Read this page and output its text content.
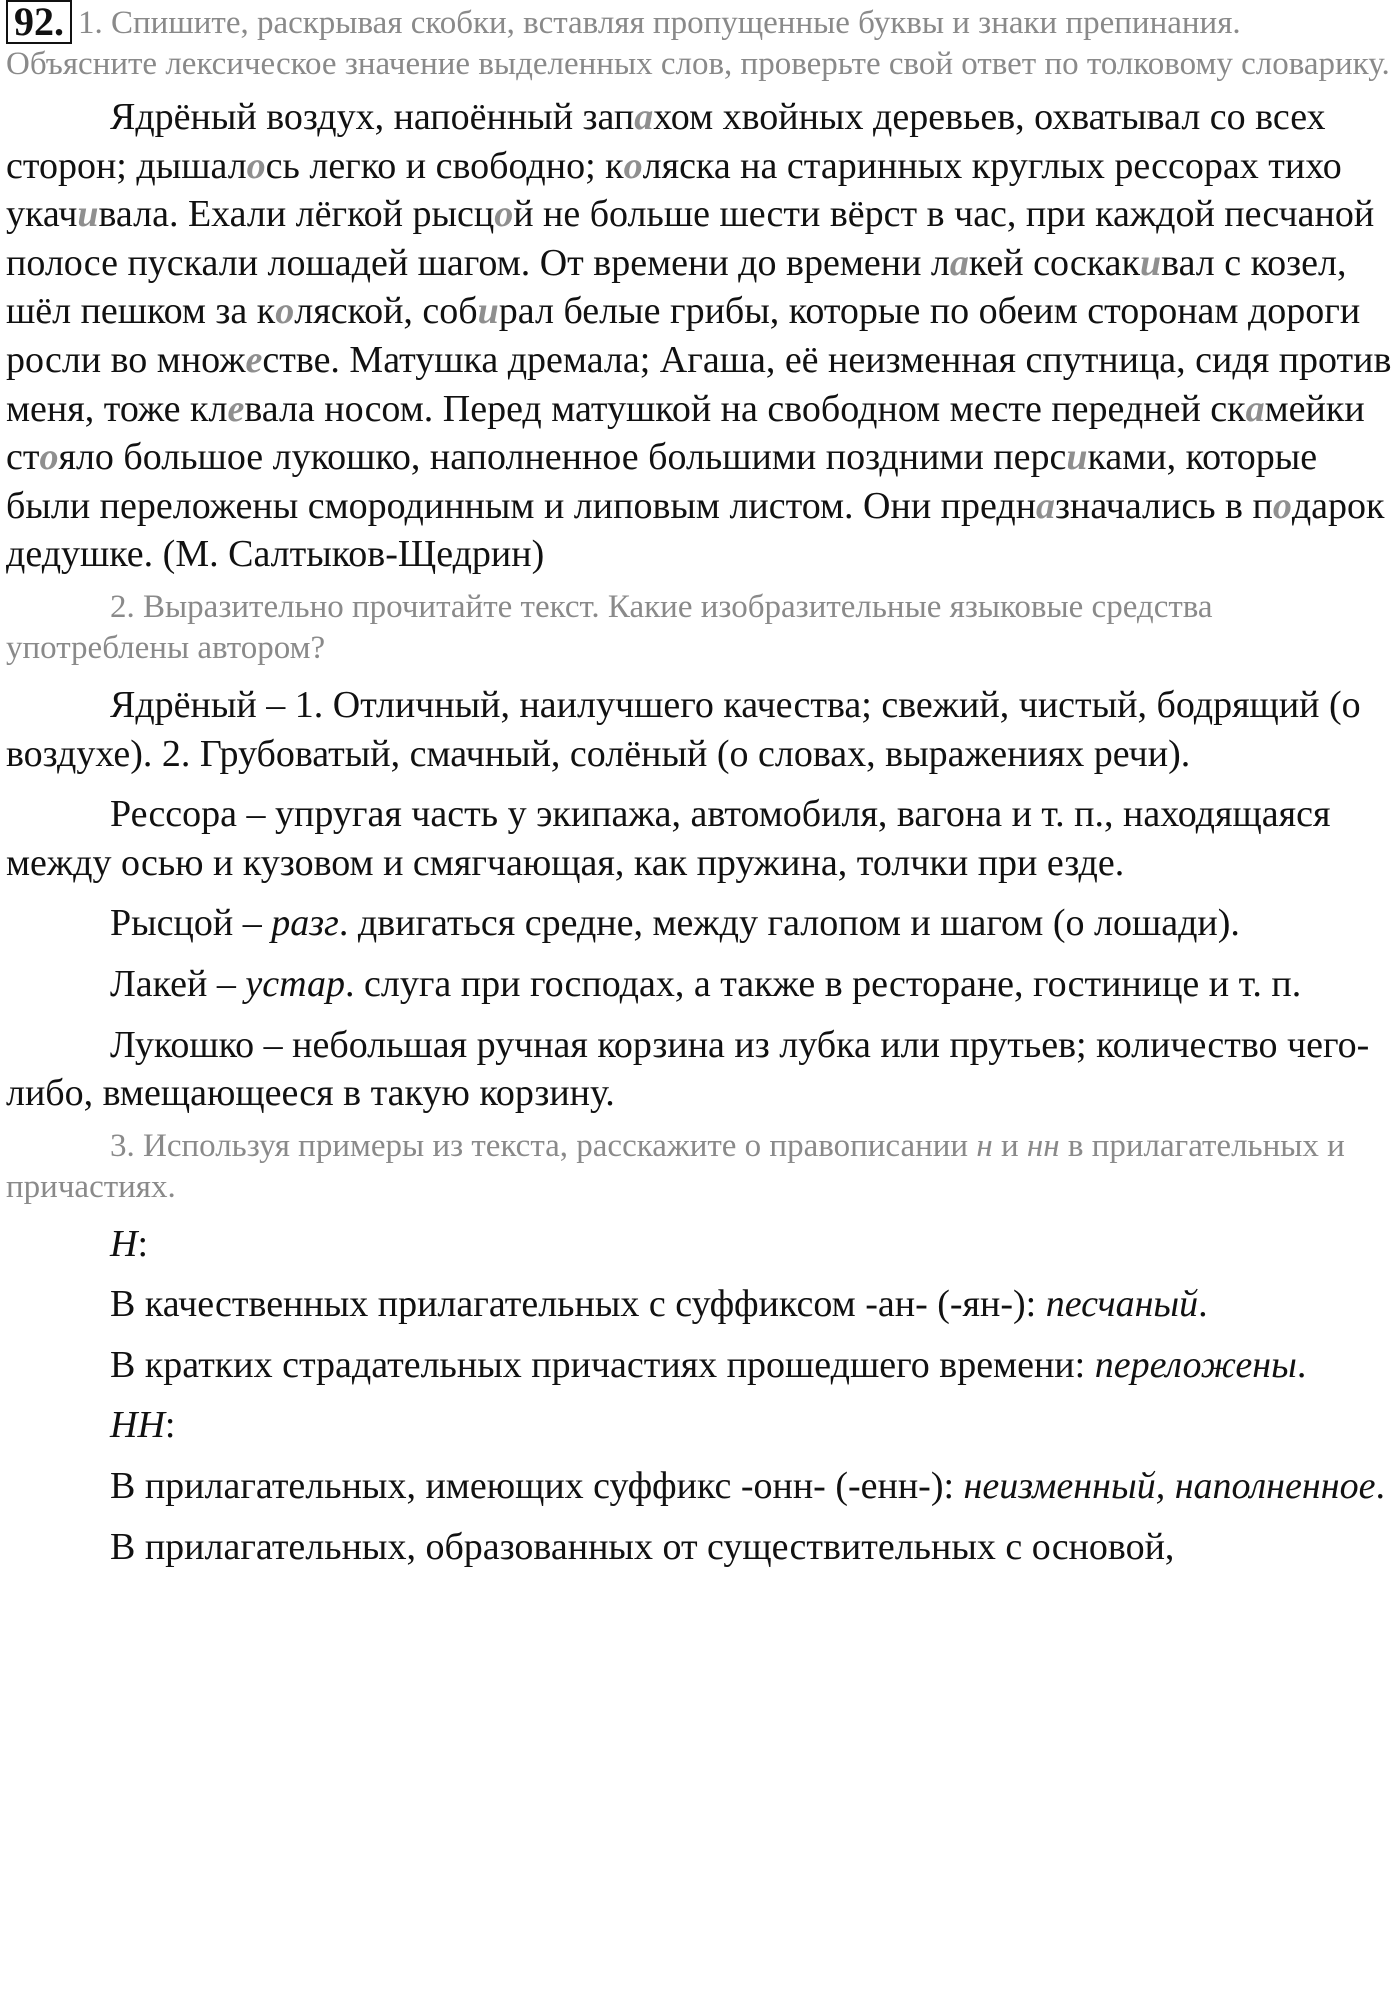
92. 1. Спишите, раскрывая скобки, вставляя пропущенные буквы и знаки препинания. Объясните лексическое значение выделенных слов, проверьте свой ответ по толковому словарику.

Ядрёный воздух, напоённый запахом хвойных деревьев, охватывал со всех сторон; дышалось легко и свободно; коляска на старинных круглых рессорах тихо укачивала. Ехали лёгкой рысцой не больше шести вёрст в час, при каждой песчаной полосе пускали лошадей шагом. От времени до времени лакей соскакивал с козел, шёл пешком за коляской, собирал белые грибы, которые по обеим сторонам дороги росли во множестве. Матушка дремала; Агаша, её неизменная спутница, сидя против меня, тоже клевала носом. Перед матушкой на свободном месте передней скамейки стояло большое лукошко, наполненное большими поздними персиками, которые были переложены смородинным и липовым листом. Они предназначались в подарок дедушке. (М. Салтыков-Щедрин)

2. Выразительно прочитайте текст. Какие изобразительные языковые средства употреблены автором?

Ядрёный – 1. Отличный, наилучшего качества; свежий, чистый, бодрящий (о воздухе). 2. Грубоватый, смачный, солёный (о словах, выражениях речи).

Рессора – упругая часть у экипажа, автомобиля, вагона и т. п., находящаяся между осью и кузовом и смягчающая, как пружина, толчки при езде.

Рысцой – разг. двигаться средне, между галопом и шагом (о лошади).

Лакей – устар. слуга при господах, а также в ресторане, гостинице и т. п.

Лукошко – небольшая ручная корзина из лубка или прутьев; количество чего-либо, вмещающееся в такую корзину.

3. Используя примеры из текста, расскажите о правописании н и нн в прилагательных и причастиях.

Н:

В качественных прилагательных с суффиксом -ан- (-ян-): песчаный.

В кратких страдательных причастиях прошедшего времени: переложены.

НН:

В прилагательных, имеющих суффикс -онн- (-енн-): неизменный, наполненное.

В прилагательных, образованных от существительных с основой,
